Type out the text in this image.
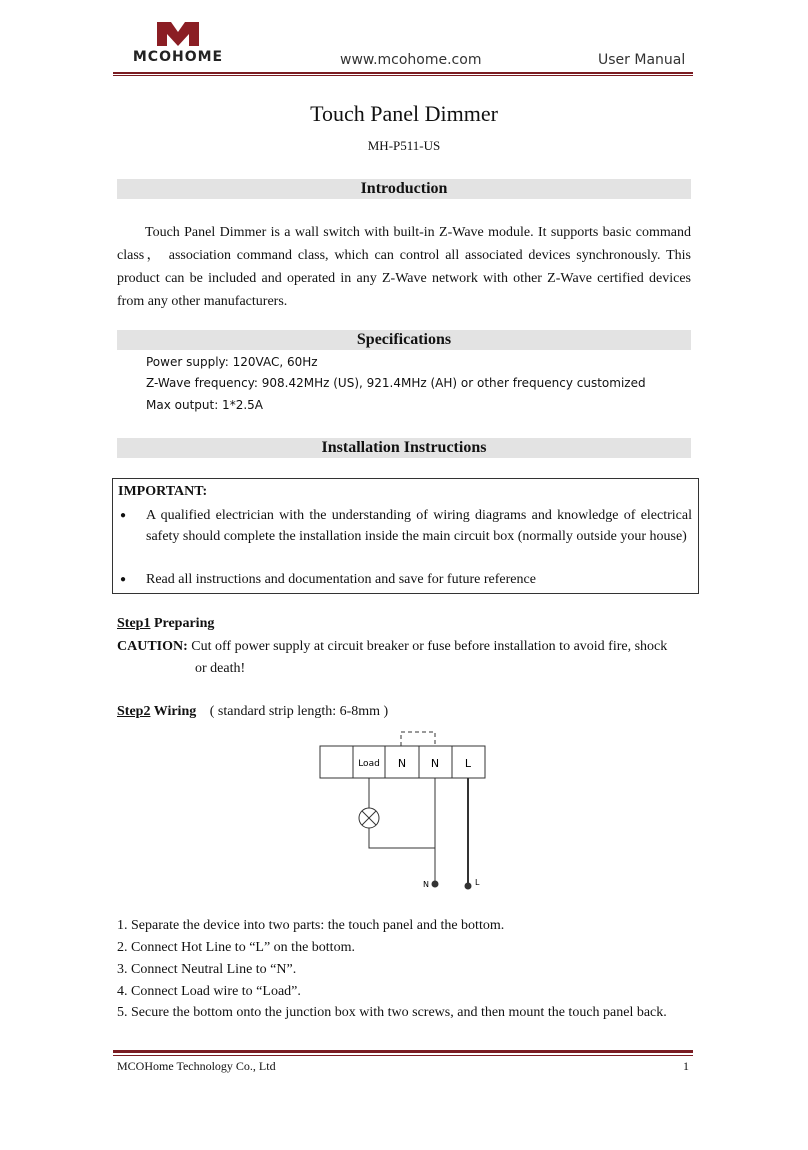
MCOHOME	www.mcohome.com	User Manual
Touch Panel Dimmer
MH-P511-US
Introduction
Touch Panel Dimmer is a wall switch with built-in Z-Wave module. It supports basic command class， association command class, which can control all associated devices synchronously. This product can be included and operated in any Z-Wave network with other Z-Wave certified devices from any other manufacturers.
Specifications
Power supply: 120VAC, 60Hz
Z-Wave frequency: 908.42MHz (US), 921.4MHz (AH) or other frequency customized
Max output: 1*2.5A
Installation Instructions
IMPORTANT:
● A qualified electrician with the understanding of wiring diagrams and knowledge of electrical safety should complete the installation inside the main circuit box (normally outside your house)
● Read all instructions and documentation and save for future reference
Step1 Preparing
CAUTION: Cut off power supply at circuit breaker or fuse before installation to avoid fire, shock
or death!
Step2 Wiring ( standard strip length: 6-8mm )
Load N N L
N	L
1. Separate the device into two parts: the touch panel and the bottom.
2. Connect Hot Line to “L” on the bottom.
3. Connect Neutral Line to “N”.
4. Connect Load wire to “Load”.
5. Secure the bottom onto the junction box with two screws, and then mount the touch panel back.
MCOHome Technology Co., Ltd	1
